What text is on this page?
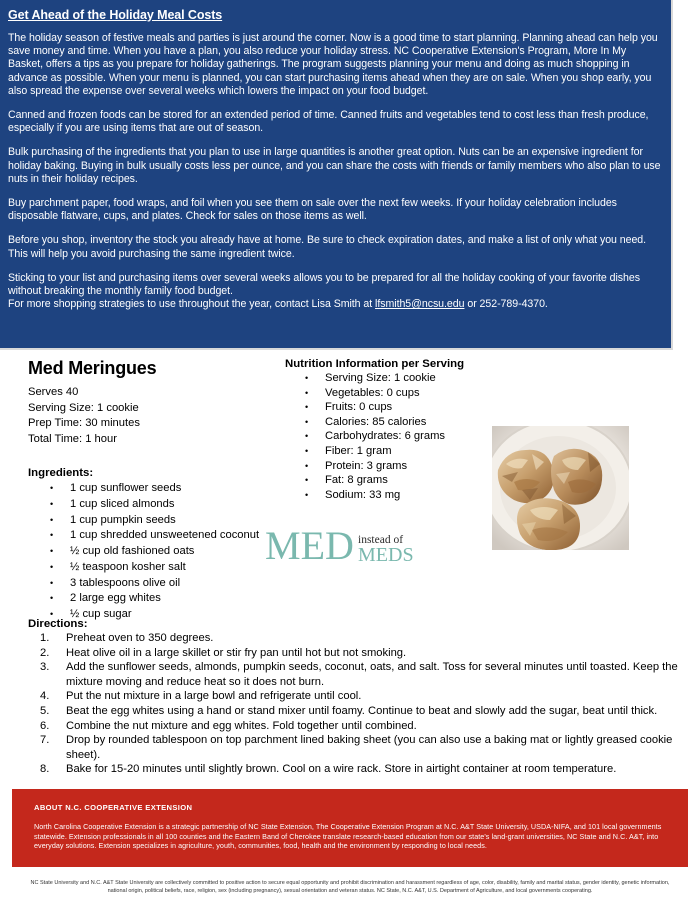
Get Ahead of the Holiday Meal Costs

The holiday season of festive meals and parties is just around the corner. Now is a good time to start planning. Planning ahead can help you save money and time. When you have a plan, you also reduce your holiday stress. NC Cooperative Extension's Program, More In My Basket, offers a tips as you prepare for holiday gatherings. The program suggests planning your menu and doing as much shopping in advance as possible. When your menu is planned, you can start purchasing items ahead when they are on sale. When you shop early, you also spread the expense over several weeks which lowers the impact on your food budget.

Canned and frozen foods can be stored for an extended period of time. Canned fruits and vegetables tend to cost less than fresh produce, especially if you are using items that are out of season.

Bulk purchasing of the ingredients that you plan to use in large quantities is another great option. Nuts can be an expensive ingredient for holiday baking. Buying in bulk usually costs less per ounce, and you can share the costs with friends or family members who also plan to use nuts in their holiday recipes.

Buy parchment paper, food wraps, and foil when you see them on sale over the next few weeks. If your holiday celebration includes disposable flatware, cups, and plates. Check for sales on those items as well.

Before you shop, inventory the stock you already have at home. Be sure to check expiration dates, and make a list of only what you need. This will help you avoid purchasing the same ingredient twice.

Sticking to your list and purchasing items over several weeks allows you to be prepared for all the holiday cooking of your favorite dishes without breaking the monthly family food budget.

For more shopping strategies to use throughout the year, contact Lisa Smith at lfsmith5@ncsu.edu or 252-789-4370.

Med Meringues

Serves 40

Serving Size: 1 cookie

Prep Time: 30 minutes

Total Time: 1 hour

Ingredients:
• 1 cup sunflower seeds
• 1 cup sliced almonds
• 1 cup pumpkin seeds
• 1 cup shredded unsweetened coconut
• ½ cup old fashioned oats
• ½ teaspoon kosher salt
• 3 tablespoons olive oil
• 2 large egg whites
• ½ cup sugar
Nutrition Information per Serving
• Serving Size: 1 cookie
• Vegetables: 0 cups
• Fruits: 0 cups
• Calories: 85 calories
• Carbohydrates: 6 grams
• Fiber: 1 gram
• Protein: 3 grams
• Fat: 8 grams
• Sodium: 33 mg
MED instead of
MEDS
Directions:
Preheat oven to 350 degrees.
Heat olive oil in a large skillet or stir fry pan until hot but not smoking.
Add the sunflower seeds, almonds, pumpkin seeds, coconut, oats, and salt. Toss for several minutes until toasted. Keep the mixture moving and reduce heat so it does not burn.
Put the nut mixture in a large bowl and refrigerate until cool.
Beat the egg whites using a hand or stand mixer until foamy. Continue to beat and slowly add the sugar, beat until thick.
Combine the nut mixture and egg whites. Fold together until combined.
Drop by rounded tablespoon on top parchment lined baking sheet (you can also use a baking mat or lightly greased cookie sheet).
Bake for 15-20 minutes until slightly brown. Cool on a wire rack. Store in airtight container at room temperature.
ABOUT N.C. COOPERATIVE EXTENSION

North Carolina Cooperative Extension is a strategic partnership of NC State Extension, The Cooperative Extension Program at N.C. A&T State University, USDA-NIFA, and 101 local governments statewide. Extension professionals in all 100 counties and the Eastern Band of Cherokee translate research-based education from our state's land-grant universities, NC State and N.C. A&T, into everyday solutions. Extension specializes in agriculture, youth, communities, food, health and the environment by responding to local needs.

NC State University and N.C. A&T State University are collectively committed to positive action to secure equal opportunity and prohibit discrimination and harassment regardless of age, color, disability, family and marital status, gender identity, genetic information, national origin, political beliefs, race, religion, sex (including pregnancy), sexual orientation and veteran status. NC State, N.C. A&T, U.S. Department of Agriculture, and local governments cooperating.
